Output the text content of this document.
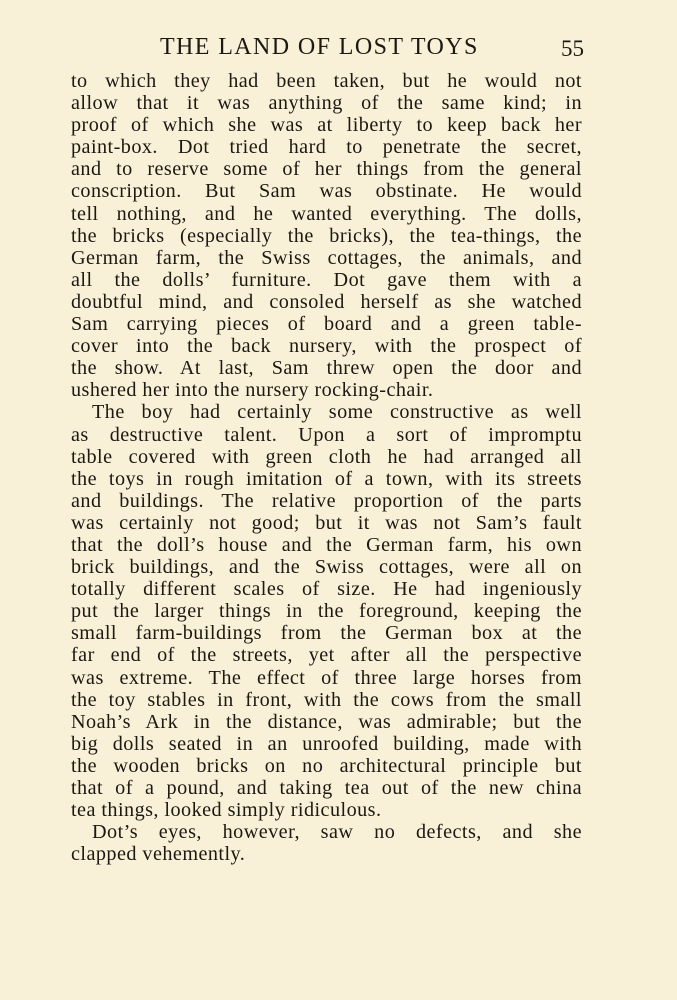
THE LAND OF LOST TOYS	55
to which they had been taken, but he would not
allow that it was anything of the same kind; in
proof of which she was at liberty to keep back her
paint-box. Dot tried hard to penetrate the secret,
and to reserve some of her things from the general
conscription. But Sam was obstinate. He would
tell nothing, and he wanted everything. The dolls,
the bricks (especially the bricks), the tea-things, the
German farm, the Swiss cottages, the animals, and
all the dolls’ furniture. Dot gave them with a
doubtful mind, and consoled herself as she watched
Sam carrying pieces of board and a green table-
cover into the back nursery, with the prospect of
the show. At last, Sam threw open the door and
ushered her into the nursery rocking-chair.
The boy had certainly some constructive as well
as destructive talent. Upon a sort of impromptu
table covered with green cloth he had arranged all
the toys in rough imitation of a town, with its streets
and buildings. The relative proportion of the parts
was certainly not good; but it was not Sam’s fault
that the doll’s house and the German farm, his own
brick buildings, and the Swiss cottages, were all on
totally different scales of size. He had ingeniously
put the larger things in the foreground, keeping the
small farm-buildings from the German box at the
far end of the streets, yet after all the perspective
was extreme. The effect of three large horses from
the toy stables in front, with the cows from the small
Noah’s Ark in the distance, was admirable; but the
big dolls seated in an unroofed building, made with
the wooden bricks on no architectural principle but
that of a pound, and taking tea out of the new china
tea things, looked simply ridiculous.
Dot’s eyes, however, saw no defects, and she
clapped vehemently.
